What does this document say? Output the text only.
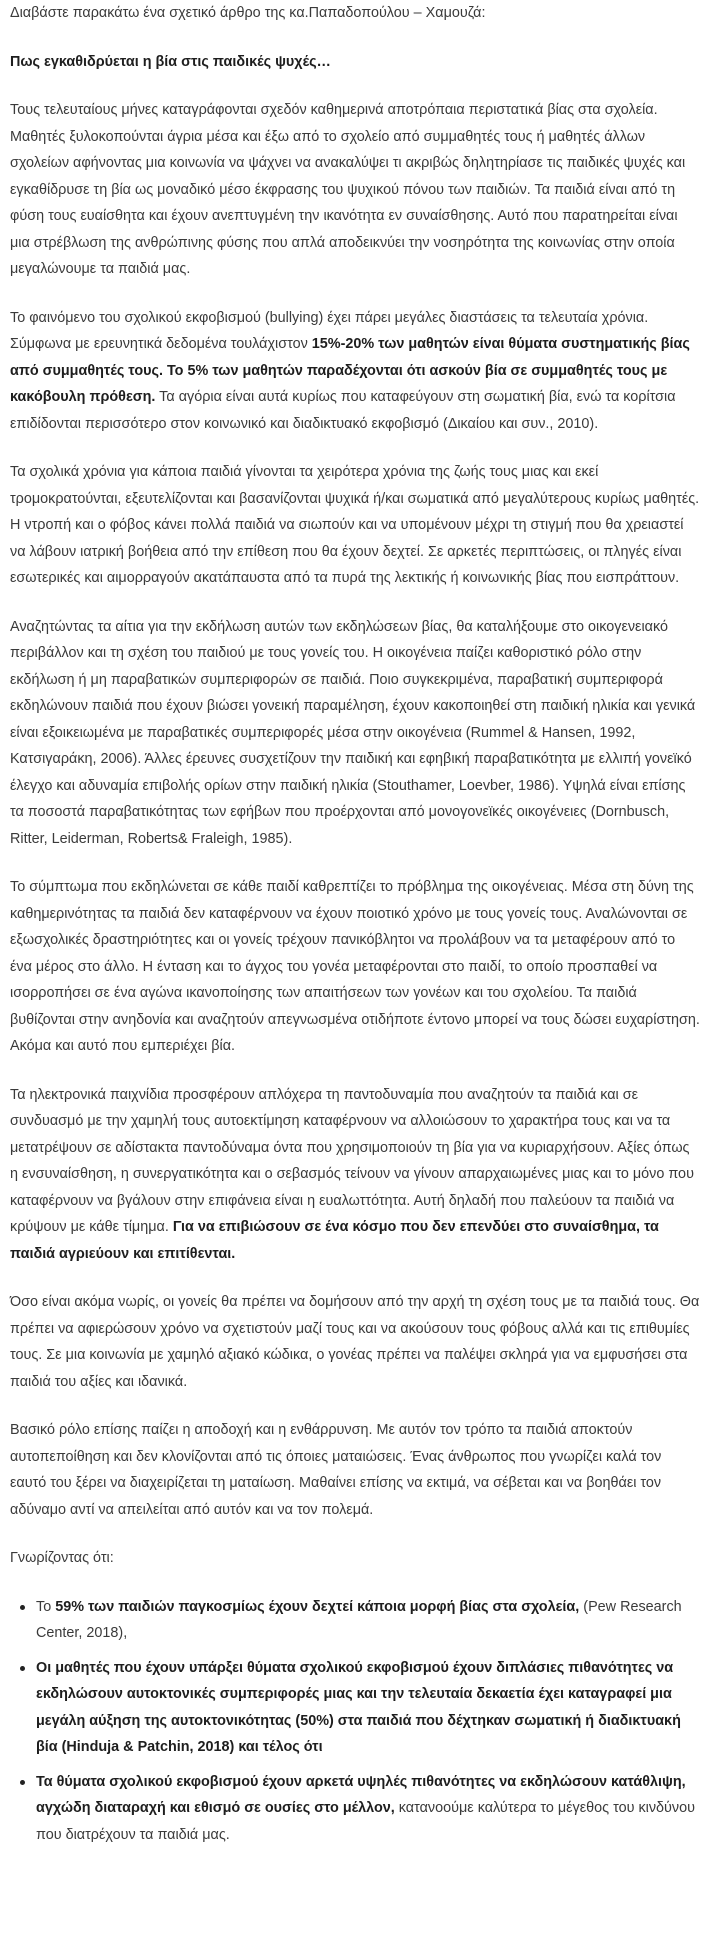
Διαβάστε παρακάτω ένα σχετικό άρθρο της κα.Παπαδοπούλου – Χαμουζά:

Πως εγκαθιδρύεται η βία στις παιδικές ψυχές…

Τους τελευταίους μήνες καταγράφονται σχεδόν καθημερινά αποτρόπαια περιστατικά βίας στα σχολεία. Μαθητές ξυλοκοπούνται άγρια μέσα και έξω από το σχολείο από συμμαθητές τους ή μαθητές άλλων σχολείων αφήνοντας μια κοινωνία να ψάχνει να ανακαλύψει τι ακριβώς δηλητηρίασε τις παιδικές ψυχές και εγκαθίδρυσε τη βία ως μοναδικό μέσο έκφρασης του ψυχικού πόνου των παιδιών. Τα παιδιά είναι από τη φύση τους ευαίσθητα και έχουν ανεπτυγμένη την ικανότητα εν συναίσθησης. Αυτό που παρατηρείται είναι μια στρέβλωση της ανθρώπινης φύσης που απλά αποδεικνύει την νοσηρότητα της κοινωνίας στην οποία μεγαλώνουμε τα παιδιά μας.

Το φαινόμενο του σχολικού εκφοβισμού (bullying) έχει πάρει μεγάλες διαστάσεις τα τελευταία χρόνια. Σύμφωνα με ερευνητικά δεδομένα τουλάχιστον 15%-20% των μαθητών είναι θύματα συστηματικής βίας από συμμαθητές τους. Το 5% των μαθητών παραδέχονται ότι ασκούν βία σε συμμαθητές τους με κακόβουλη πρόθεση. Τα αγόρια είναι αυτά κυρίως που καταφεύγουν στη σωματική βία, ενώ τα κορίτσια επιδίδονται περισσότερο στον κοινωνικό και διαδικτυακό εκφοβισμό (Δικαίου και συν., 2010).

Τα σχολικά χρόνια για κάποια παιδιά γίνονται τα χειρότερα χρόνια της ζωής τους μιας και εκεί τρομοκρατούνται, εξευτελίζονται και βασανίζονται ψυχικά ή/και σωματικά από μεγαλύτερους κυρίως μαθητές. Η ντροπή και ο φόβος κάνει πολλά παιδιά να σιωπούν και να υπομένουν μέχρι τη στιγμή που θα χρειαστεί να λάβουν ιατρική βοήθεια από την επίθεση που θα έχουν δεχτεί. Σε αρκετές περιπτώσεις, οι πληγές είναι εσωτερικές και αιμορραγούν ακατάπαυστα από τα πυρά της λεκτικής ή κοινωνικής βίας που εισπράττουν.

Αναζητώντας τα αίτια για την εκδήλωση αυτών των εκδηλώσεων βίας, θα καταλήξουμε στο οικογενειακό περιβάλλον και τη σχέση του παιδιού με τους γονείς του. Η οικογένεια παίζει καθοριστικό ρόλο στην εκδήλωση ή μη παραβατικών συμπεριφορών σε παιδιά. Ποιο συγκεκριμένα, παραβατική συμπεριφορά εκδηλώνουν παιδιά που έχουν βιώσει γονεική παραμέληση, έχουν κακοποιηθεί στη παιδική ηλικία και γενικά είναι εξοικειωμένα με παραβατικές συμπεριφορές μέσα στην οικογένεια (Rummel & Hansen, 1992, Κατσιγαράκη, 2006). Άλλες έρευνες συσχετίζουν την παιδική και εφηβική παραβατικότητα με ελλιπή γονεϊκό έλεγχο και αδυναμία επιβολής ορίων στην παιδική ηλικία (Stouthamer, Loevber, 1986). Υψηλά είναι επίσης τα ποσοστά παραβατικότητας των εφήβων που προέρχονται από μονογονεϊκές οικογένειες (Dornbusch, Ritter, Leiderman, Roberts& Fraleigh, 1985).

Το σύμπτωμα που εκδηλώνεται σε κάθε παιδί καθρεπτίζει το πρόβλημα της οικογένειας. Μέσα στη δύνη της καθημερινότητας τα παιδιά δεν καταφέρνουν να έχουν ποιοτικό χρόνο με τους γονείς τους. Αναλώνονται σε εξωσχολικές δραστηριότητες και οι γονείς τρέχουν πανικόβλητοι να προλάβουν να τα μεταφέρουν από το ένα μέρος στο άλλο. Η ένταση και το άγχος του γονέα μεταφέρονται στο παιδί, το οποίο προσπαθεί να ισορροπήσει σε ένα αγώνα ικανοποίησης των απαιτήσεων των γονέων και του σχολείου. Τα παιδιά βυθίζονται στην ανηδονία και αναζητούν απεγνωσμένα οτιδήποτε έντονο μπορεί να τους δώσει ευχαρίστηση. Ακόμα και αυτό που εμπεριέχει βία.

Τα ηλεκτρονικά παιχνίδια προσφέρουν απλόχερα τη παντοδυναμία που αναζητούν τα παιδιά και σε συνδυασμό με την χαμηλή τους αυτοεκτίμηση καταφέρνουν να αλλοιώσουν το χαρακτήρα τους και να τα μετατρέψουν σε αδίστακτα παντοδύναμα όντα που χρησιμοποιούν τη βία για να κυριαρχήσουν. Αξίες όπως η ενσυναίσθηση, η συνεργατικότητα και ο σεβασμός τείνουν να γίνουν απαρχαιωμένες μιας και το μόνο που καταφέρνουν να βγάλουν στην επιφάνεια είναι η ευαλωττότητα. Αυτή δηλαδή που παλεύουν τα παιδιά να κρύψουν με κάθε τίμημα. Για να επιβιώσουν σε ένα κόσμο που δεν επενδύει στο συναίσθημα, τα παιδιά αγριεύουν και επιτίθενται.

Όσο είναι ακόμα νωρίς, οι γονείς θα πρέπει να δομήσουν από την αρχή τη σχέση τους με τα παιδιά τους. Θα πρέπει να αφιερώσουν χρόνο να σχετιστούν μαζί τους και να ακούσουν τους φόβους αλλά και τις επιθυμίες τους. Σε μια κοινωνία με χαμηλό αξιακό κώδικα, ο γονέας πρέπει να παλέψει σκληρά για να εμφυσήσει στα παιδιά του αξίες και ιδανικά.

Βασικό ρόλο επίσης παίζει η αποδοχή και η ενθάρρυνση. Με αυτόν τον τρόπο τα παιδιά αποκτούν αυτοπεποίθηση και δεν κλονίζονται από τις όποιες ματαιώσεις. Ένας άνθρωπος που γνωρίζει καλά τον εαυτό του ξέρει να διαχειρίζεται τη ματαίωση. Μαθαίνει επίσης να εκτιμά, να σέβεται και να βοηθάει τον αδύναμο αντί να απειλείται από αυτόν και να τον πολεμά.

Γνωρίζοντας ότι:

Το 59% των παιδιών παγκοσμίως έχουν δεχτεί κάποια μορφή βίας στα σχολεία, (Pew Research Center, 2018),
Οι μαθητές που έχουν υπάρξει θύματα σχολικού εκφοβισμού έχουν διπλάσιες πιθανότητες να εκδηλώσουν αυτοκτονικές συμπεριφορές μιας και την τελευταία δεκαετία έχει καταγραφεί μια μεγάλη αύξηση της αυτοκτονικότητας (50%) στα παιδιά που δέχτηκαν σωματική ή διαδικτυακή βία (Hinduja & Patchin, 2018) και τέλος ότι
Τα θύματα σχολικού εκφοβισμού έχουν αρκετά υψηλές πιθανότητες να εκδηλώσουν κατάθλιψη, αγχώδη διαταραχή και εθισμό σε ουσίες στο μέλλον, κατανοούμε καλύτερα το μέγεθος του κινδύνου που διατρέχουν τα παιδιά μας.
